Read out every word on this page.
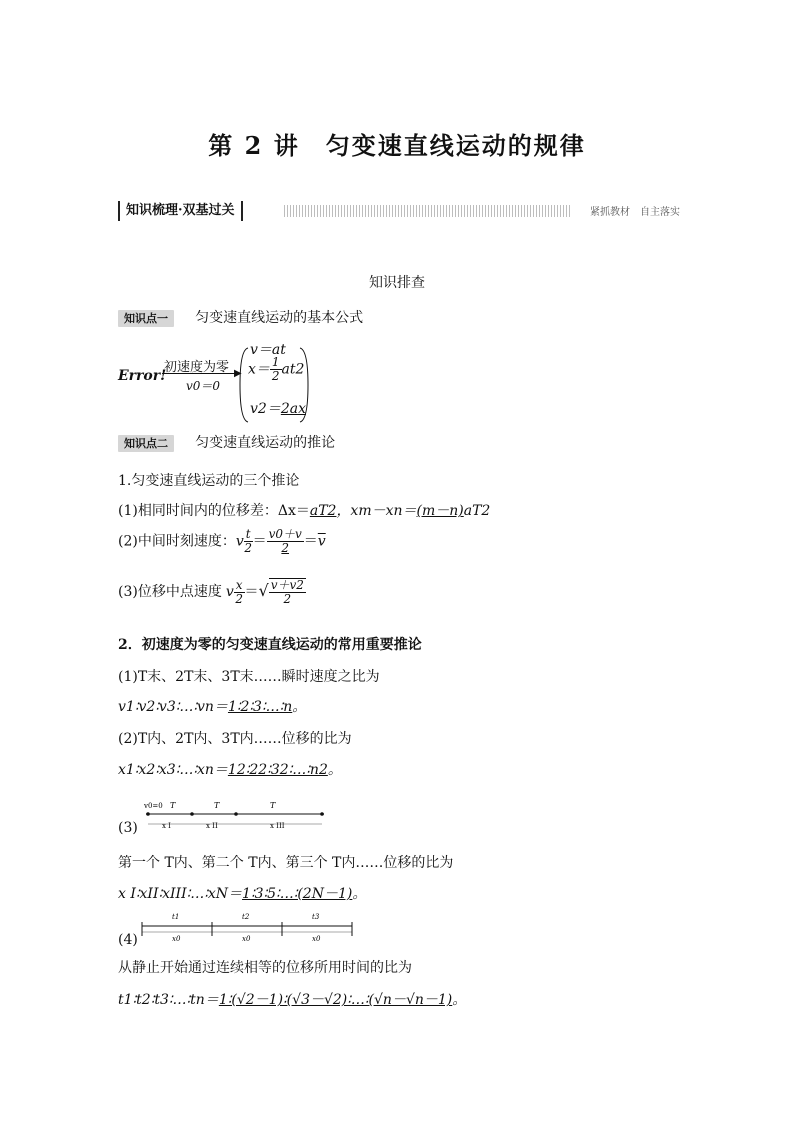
第 2 讲　匀变速直线运动的规律
知识梳理·双基过关	紧抓教材　自主落实
知识排查
知识点一 匀变速直线运动的基本公式
Error!
初速度为零 ▶
v0＝0
v＝at
$x= \frac{1}{2} at2$
v2＝2ax
知识点二 匀变速直线运动的推论
1.匀变速直线运动的三个推论
(1)相同时间内的位移差：Δx＝aT2，xm－xn＝(m－n)aT2
(2)中间时刻速度：v $\frac{t}{2} = \frac{v0+v}{2} =\overline{v}$
(3)位移中点速度 v $\frac{x}{2}$ ＝√ $\frac{v+v2}{2}$
2．初速度为零的匀变速直线运动的常用重要推论
(1)T末、2T末、3T末……瞬时速度之比为
v1∶v2∶v3∶…∶vn＝1∶2∶3∶…∶n。
(2)T内、2T内、3T内……位移的比为
x1∶x2∶x3∶…∶xn＝12∶22∶32∶…∶n2。
(3)
v0=0 T	T	T
x I	x II	x III
第一个 T内、第二个 T内、第三个 T内……位移的比为
x I∶xII∶xIII∶…∶xN＝1∶3∶5∶…∶(2N－1)。
(4)
t1	t2	t3
x0	x0	x0
从静止开始通过连续相等的位移所用时间的比为
t1∶t2∶t3∶…∶tn＝1∶(√2－1)∶(√3－√2)∶…∶(√n－√n－1)。
